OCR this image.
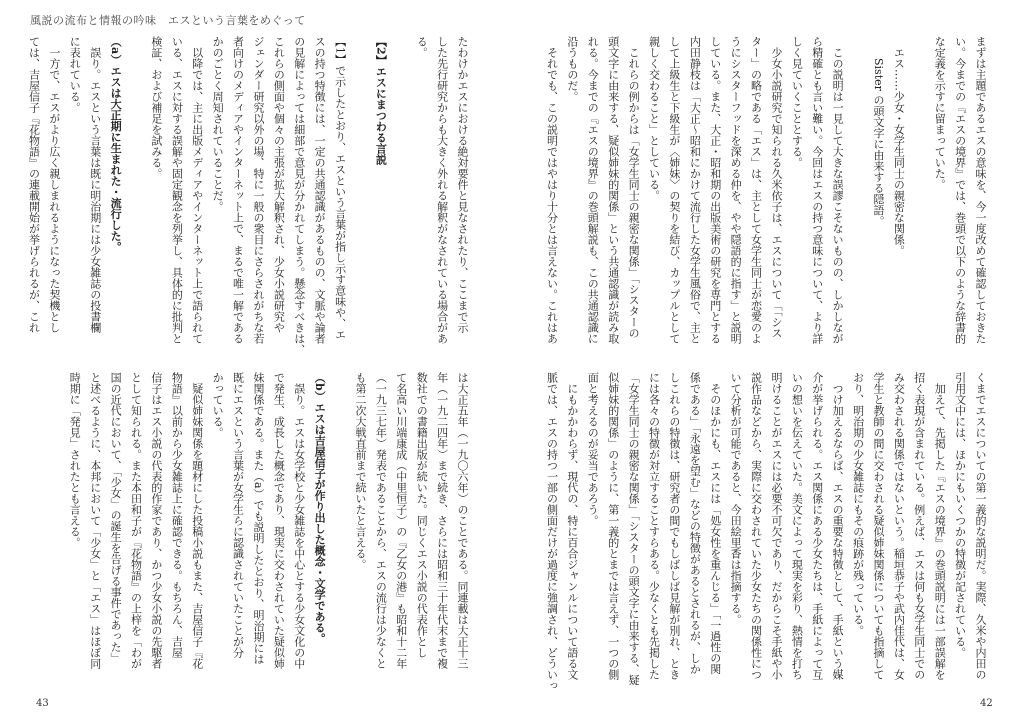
風説の流布と情報の吟味　エスという言葉をめぐって
まずは主題であるエスの意味を、今一度改めて確認しておきた
い。今までの『エスの境界』では、巻頭で以下のような辞書的
な定義を示すに留まっていた。

　エス……少女・女学生同士の親密な関係。
　　Sister の頭文字に由来する隠語。

　この説明は一見して大きな誤謬こそないものの、しかしなが
ら精確とも言い難い。今回はエスの持つ意味について、より詳
しく見ていくこととする。
　少女小説研究で知られる久米依子は、エスについて「「シス
ター」の略である「エス」は、主として女学生同士が恋愛のよ
うにシスターフッドを深める仲を、やや隠語的に指す」と説明
している。また、大正・昭和期の出版美術の研究を専門とする
内田静枝は「大正～昭和にかけて流行した女学生風俗で、主と
して上級生と下級生が〈姉妹〉の契りを結び、カップルとして
親しく交わること」としている。
　これらの例からは「女学生同士の親密な関係」「シスターの
頭文字に由来する、疑似姉妹的関係」という共通認識が読み取
れる。今までの『エスの境界』の巻頭解説も、この共通認識に
沿うものだ。
　それでも、この説明ではやはり十分とは言えない。これはあ
くまでエスについての第一義的な説明だ。実際、久米や内田の
引用文中には、ほかにもいくつかの特徴が記されている。
　加えて、先掲した『エスの境界』の巻頭説明には一部誤解を
招く表現が含まれている。例えば、エスは何も女学生同士での
み交わされる関係ではないという。稲垣恭子や武内佳代は、女
学生と教師の間に交わされる疑似姉妹関係についても指摘して
おり、明治期の少女雑誌にもその痕跡が残っている。
　つけ加えるならば、エスの重要な特徴として、手紙という媒
介が挙げられる。エス関係にある少女たちは、手紙によって互
いの想いを伝えていた。美文によって現実を彩り、熱情を打ち
明けることがエスには必要不可欠であり、だからこそ手紙や小
説作品などから、実際に交わされていた少女たちの関係性につ
いて分析が可能であると、今田絵里香は指摘する。
　そのほかにも、エスには「処女性を重んじる」「一過性の関
係である」「永遠を望む」などの特徴があるとされるが、しか
しこれらの特徴は、研究者の間でもしばしば見解が別れ、とき
には各々の特徴が対立することすらある。少なくとも先掲した
「女学生同士の親密な関係」「シスターの頭文字に由来する、疑
似姉妹的関係」のように、第一義的とまでは言えず、一つの側
面と考えるのが妥当であろう。
　にもかかわらず、現代の、特に百合ジャンルについて語る文
脈では、エスの持つ一部の側面だけが過度に強調され、どういっ
たわけかエスにおける絶対要件と見なされたり、ここまで示
した先行研究からも大きく外れる解釈がなされている場合があ
る。

【2】エスにまつわる言説

【1】で示したとおり、エスという言葉が指し示す意味や、エ
スの持つ特徴には、一定の共通認識があるものの、文脈や論者
の見解によっては細部で意見が分かれてしまう。懸念すべきは、
これらの側面や個々の主張が拡大解釈され、少女小説研究や
ジェンダー研究以外の場、特に一般の衆目にさらされがちな若
者向けのメディアやインターネット上で、まるで唯一解である
かのごとく周知されていることだ。
　以降では、主に出版メディアやインターネット上で語られて
いる、エスに対する誤解や固定観念を列挙し、具体的に批判と
検証、および補足を試みる。

（a）エスは大正期に生まれた・流行した。
　誤り。エスという言葉は既に明治期には少女雑誌の投書欄
に表れている。
　一方で、エスがより広く親しまれるようになった契機とし
ては、吉屋信子『花物語』の連載開始が挙げられるが、これ
は大正五年（一九〇六年）のことである。同連載は大正十三
年（一九二四年）まで続き、さらには昭和三十年代末まで複
数社での書籍出版が続いた。同じくエス小説の代表作とし
て名高い川端康成（中里恒子）の『乙女の港』も昭和十二年
（一九三七年）発表であることから、エスの流行は少なくと
も第二次大戦直前まで続いたと言える。

（b）エスは吉屋信子が作り出した概念・文学である。
　誤り。エスは女学校と少女雑誌を中心とする少女文化の中
で発生、成長した概念であり、現実に交わされていた疑似姉
妹関係である。また（a）でも説明したとおり、明治期には
既にエスという言葉が女学生らに認識されていたことが分
かっている。
　疑似姉妹関係を題材にした投稿小説もまた、吉屋信子『花
物語』以前から少女雑誌上に確認できる。もちろん、吉屋
信子はエス小説の代表的作家であり、かつ少女小説の先駆者
として知られる。また本田和子が『花物語』の上梓を「わが
国の近代において、「少女」の誕生を告げる事件であった」
と述べるように、本邦において「少女」と「エス」はほぼ同
時期に「発見」されたとも言える。
43	42
